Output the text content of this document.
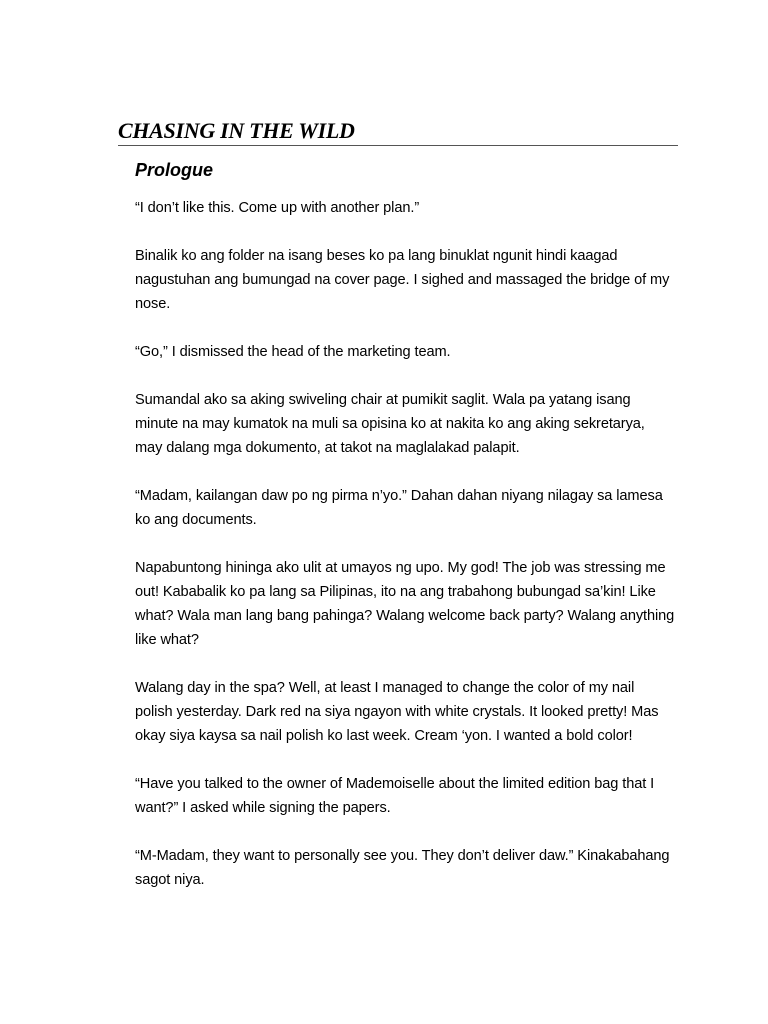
CHASING IN THE WILD
Prologue

“I don’t like this. Come up with another plan.”

Binalik ko ang folder na isang beses ko pa lang binuklat ngunit hindi kaagad nagustuhan ang bumungad na cover page. I sighed and massaged the bridge of my nose.

“Go,” I dismissed the head of the marketing team.

Sumandal ako sa aking swiveling chair at pumikit saglit. Wala pa yatang isang minute na may kumatok na muli sa opisina ko at nakita ko ang aking sekretarya, may dalang mga dokumento, at takot na maglalakad palapit.

“Madam, kailangan daw po ng pirma n’yo.” Dahan dahan niyang nilagay sa lamesa ko ang documents.

Napabuntong hininga ako ulit at umayos ng upo. My god! The job was stressing me out! Kababalik ko pa lang sa Pilipinas, ito na ang trabahong bubungad sa’kin! Like what? Wala man lang bang pahinga? Walang welcome back party? Walang anything like what?

Walang day in the spa? Well, at least I managed to change the color of my nail polish yesterday. Dark red na siya ngayon with white crystals. It looked pretty! Mas okay siya kaysa sa nail polish ko last week. Cream ‘yon. I wanted a bold color!

“Have you talked to the owner of Mademoiselle about the limited edition bag that I want?” I asked while signing the papers.

“M-Madam, they want to personally see you. They don’t deliver daw.” Kinakabahang sagot niya.
